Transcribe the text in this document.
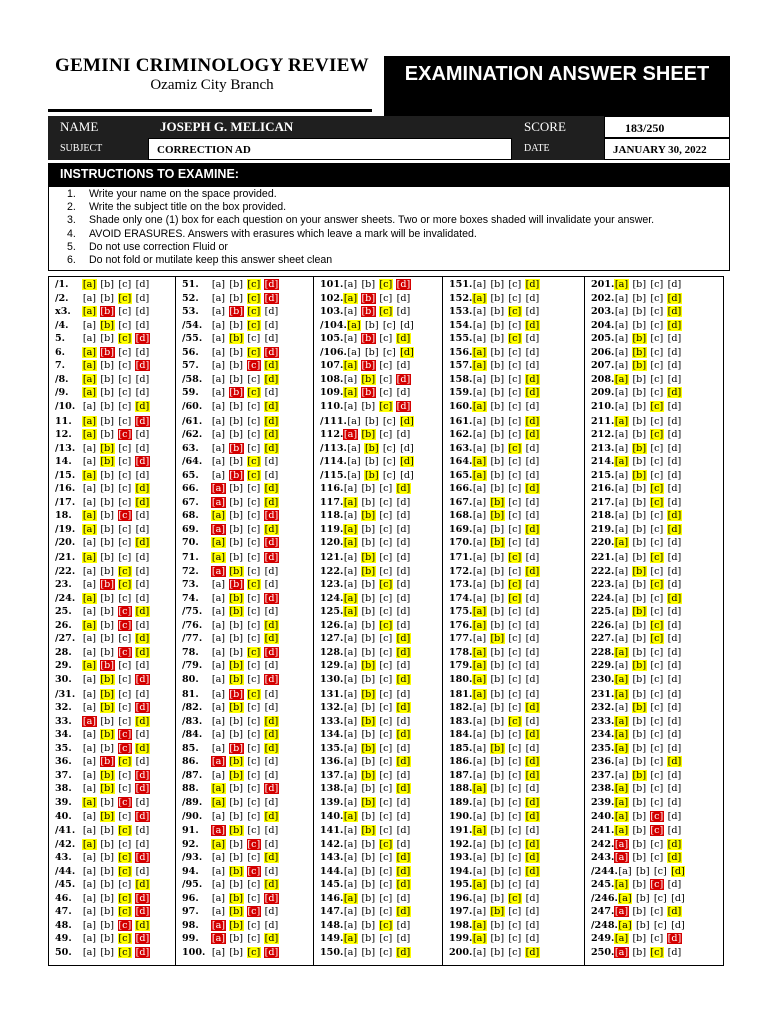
GEMINI CRIMINOLOGY REVIEW
Ozamiz City Branch	EXAMINATION ANSWER SHEET
NAME	JOSEPH G. MELICAN	SCORE	183/250
SUBJECT	CORRECTION AD	DATE	JANUARY 30, 2022
INSTRUCTIONS TO EXAMINE:
1. Write your name on the space provided.
2. Write the subject title on the box provided.
3. Shade only one (1) box for each question on your answer sheets. Two or more boxes shaded will invalidate your answer.
4. AVOID ERASURES. Answers with erasures which leave a mark will be invalidated.
5. Do not use correction Fluid or
6. Do not fold or mutilate keep this answer sheet clean
/1. [a] [b] [c] [d]
/2. [a] [b] [c] [d]
x3. [a] [b] [c] [d]
/4. [a] [b] [c] [d]
5. [a] [b] [c] [d]
6. [a] [b] [c] [d]
7. [a] [b] [c] [d]
/8. [a] [b] [c] [d]
/9. [a] [b] [c] [d]
/10. [a] [b] [c] [d]
11. [a] [b] [c] [d]
12. [a] [b] [c] [d]
/13. [a] [b] [c] [d]
14. [a] [b] [c] [d]
/15. [a] [b] [c] [d]
/16. [a] [b] [c] [d]
/17. [a] [b] [c] [d]
18. [a] [b] [c] [d]
/19. [a] [b] [c] [d]
/20. [a] [b] [c] [d]
/21. [a] [b] [c] [d]
/22. [a] [b] [c] [d]
23. [a] [b] [c] [d]
/24. [a] [b] [c] [d]
25. [a] [b] [c] [d]
26. [a] [b] [c] [d]
/27. [a] [b] [c] [d]
28. [a] [b] [c] [d]
29. [a] [b] [c] [d]
30. [a] [b] [c] [d]
/31. [a] [b] [c] [d]
32. [a] [b] [c] [d]
33. [a] [b] [c] [d]
34. [a] [b] [c] [d]
35. [a] [b] [c] [d]
36. [a] [b] [c] [d]
37. [a] [b] [c] [d]
38. [a] [b] [c] [d]
39. [a] [b] [c] [d]
40. [a] [b] [c] [d]
/41. [a] [b] [c] [d]
/42. [a] [b] [c] [d]
43. [a] [b] [c] [d]
/44. [a] [b] [c] [d]
/45. [a] [b] [c] [d]
46. [a] [b] [c] [d]
47. [a] [b] [c] [d]
48. [a] [b] [c] [d]
49. [a] [b] [c] [d]
50. [a] [b] [c] [d]
51. [a] [b] [c] [d]
52. [a] [b] [c] [d]
53. [a] [b] [c] [d]
/54. [a] [b] [c] [d]
/55. [a] [b] [c] [d]
56. [a] [b] [c] [d]
57. [a] [b] [c] [d]
/58. [a] [b] [c] [d]
59. [a] [b] [c] [d]
/60. [a] [b] [c] [d]
/61. [a] [b] [c] [d]
/62. [a] [b] [c] [d]
63. [a] [b] [c] [d]
/64. [a] [b] [c] [d]
65. [a] [b] [c] [d]
66. [a] [b] [c] [d]
67. [a] [b] [c] [d]
68. [a] [b] [c] [d]
69. [a] [b] [c] [d]
70. [a] [b] [c] [d]
71. [a] [b] [c] [d]
72. [a] [b] [c] [d]
73. [a] [b] [c] [d]
74. [a] [b] [c] [d]
/75. [a] [b] [c] [d]
/76. [a] [b] [c] [d]
/77. [a] [b] [c] [d]
78. [a] [b] [c] [d]
/79. [a] [b] [c] [d]
80. [a] [b] [c] [d]
81. [a] [b] [c] [d]
/82. [a] [b] [c] [d]
/83. [a] [b] [c] [d]
/84. [a] [b] [c] [d]
85. [a] [b] [c] [d]
86. [a] [b] [c] [d]
/87. [a] [b] [c] [d]
88. [a] [b] [c] [d]
/89. [a] [b] [c] [d]
/90. [a] [b] [c] [d]
91. [a] [b] [c] [d]
92. [a] [b] [c] [d]
/93. [a] [b] [c] [d]
94. [a] [b] [c] [d]
/95. [a] [b] [c] [d]
96. [a] [b] [c] [d]
97. [a] [b] [c] [d]
98. [a] [b] [c] [d]
99. [a] [b] [c] [d]
100. [a] [b] [c] [d]
101.[a] [b] [c] [d]
102.[a] [b] [c] [d]
103.[a] [b] [c] [d]
/104.[a] [b] [c] [d]
105.[a] [b] [c] [d]
/106.[a] [b] [c] [d]
107.[a] [b] [c] [d]
108.[a] [b] [c] [d]
109.[a] [b] [c] [d]
110.[a] [b] [c] [d]
/111.[a] [b] [c] [d]
112.[a] [b] [c] [d]
/113.[a] [b] [c] [d]
/114.[a] [b] [c] [d]
/115.[a] [b] [c] [d]
116.[a] [b] [c] [d]
117.[a] [b] [c] [d]
118.[a] [b] [c] [d]
119.[a] [b] [c] [d]
120.[a] [b] [c] [d]
121.[a] [b] [c] [d]
122.[a] [b] [c] [d]
123.[a] [b] [c] [d]
124.[a] [b] [c] [d]
125.[a] [b] [c] [d]
126.[a] [b] [c] [d]
127.[a] [b] [c] [d]
128.[a] [b] [c] [d]
129.[a] [b] [c] [d]
130.[a] [b] [c] [d]
131.[a] [b] [c] [d]
132.[a] [b] [c] [d]
133.[a] [b] [c] [d]
134.[a] [b] [c] [d]
135.[a] [b] [c] [d]
136.[a] [b] [c] [d]
137.[a] [b] [c] [d]
138.[a] [b] [c] [d]
139.[a] [b] [c] [d]
140.[a] [b] [c] [d]
141.[a] [b] [c] [d]
142.[a] [b] [c] [d]
143.[a] [b] [c] [d]
144.[a] [b] [c] [d]
145.[a] [b] [c] [d]
146.[a] [b] [c] [d]
147.[a] [b] [c] [d]
148.[a] [b] [c] [d]
149.[a] [b] [c] [d]
150.[a] [b] [c] [d]
151.[a] [b] [c] [d]
152.[a] [b] [c] [d]
153.[a] [b] [c] [d]
154.[a] [b] [c] [d]
155.[a] [b] [c] [d]
156.[a] [b] [c] [d]
157.[a] [b] [c] [d]
158.[a] [b] [c] [d]
159.[a] [b] [c] [d]
160.[a] [b] [c] [d]
161.[a] [b] [c] [d]
162.[a] [b] [c] [d]
163.[a] [b] [c] [d]
164.[a] [b] [c] [d]
165.[a] [b] [c] [d]
166.[a] [b] [c] [d]
167.[a] [b] [c] [d]
168.[a] [b] [c] [d]
169.[a] [b] [c] [d]
170.[a] [b] [c] [d]
171.[a] [b] [c] [d]
172.[a] [b] [c] [d]
173.[a] [b] [c] [d]
174.[a] [b] [c] [d]
175.[a] [b] [c] [d]
176.[a] [b] [c] [d]
177.[a] [b] [c] [d]
178.[a] [b] [c] [d]
179.[a] [b] [c] [d]
180.[a] [b] [c] [d]
181.[a] [b] [c] [d]
182.[a] [b] [c] [d]
183.[a] [b] [c] [d]
184.[a] [b] [c] [d]
185.[a] [b] [c] [d]
186.[a] [b] [c] [d]
187.[a] [b] [c] [d]
188.[a] [b] [c] [d]
189.[a] [b] [c] [d]
190.[a] [b] [c] [d]
191.[a] [b] [c] [d]
192.[a] [b] [c] [d]
193.[a] [b] [c] [d]
194.[a] [b] [c] [d]
195.[a] [b] [c] [d]
196.[a] [b] [c] [d]
197.[a] [b] [c] [d]
198.[a] [b] [c] [d]
199.[a] [b] [c] [d]
200.[a] [b] [c] [d]
201.[a] [b] [c] [d]
202.[a] [b] [c] [d]
203.[a] [b] [c] [d]
204.[a] [b] [c] [d]
205.[a] [b] [c] [d]
206.[a] [b] [c] [d]
207.[a] [b] [c] [d]
208.[a] [b] [c] [d]
209.[a] [b] [c] [d]
210.[a] [b] [c] [d]
211.[a] [b] [c] [d]
212.[a] [b] [c] [d]
213.[a] [b] [c] [d]
214.[a] [b] [c] [d]
215.[a] [b] [c] [d]
216.[a] [b] [c] [d]
217.[a] [b] [c] [d]
218.[a] [b] [c] [d]
219.[a] [b] [c] [d]
220.[a] [b] [c] [d]
221.[a] [b] [c] [d]
222.[a] [b] [c] [d]
223.[a] [b] [c] [d]
224.[a] [b] [c] [d]
225.[a] [b] [c] [d]
226.[a] [b] [c] [d]
227.[a] [b] [c] [d]
228.[a] [b] [c] [d]
229.[a] [b] [c] [d]
230.[a] [b] [c] [d]
231.[a] [b] [c] [d]
232.[a] [b] [c] [d]
233.[a] [b] [c] [d]
234.[a] [b] [c] [d]
235.[a] [b] [c] [d]
236.[a] [b] [c] [d]
237.[a] [b] [c] [d]
238.[a] [b] [c] [d]
239.[a] [b] [c] [d]
240.[a] [b] [c] [d]
241.[a] [b] [c] [d]
242.[a] [b] [c] [d]
243.[a] [b] [c] [d]
/244.[a] [b] [c] [d]
245.[a] [b] [c] [d]
/246.[a] [b] [c] [d]
247.[a] [b] [c] [d]
/248.[a] [b] [c] [d]
249.[a] [b] [c] [d]
250.[a] [b] [c] [d]
